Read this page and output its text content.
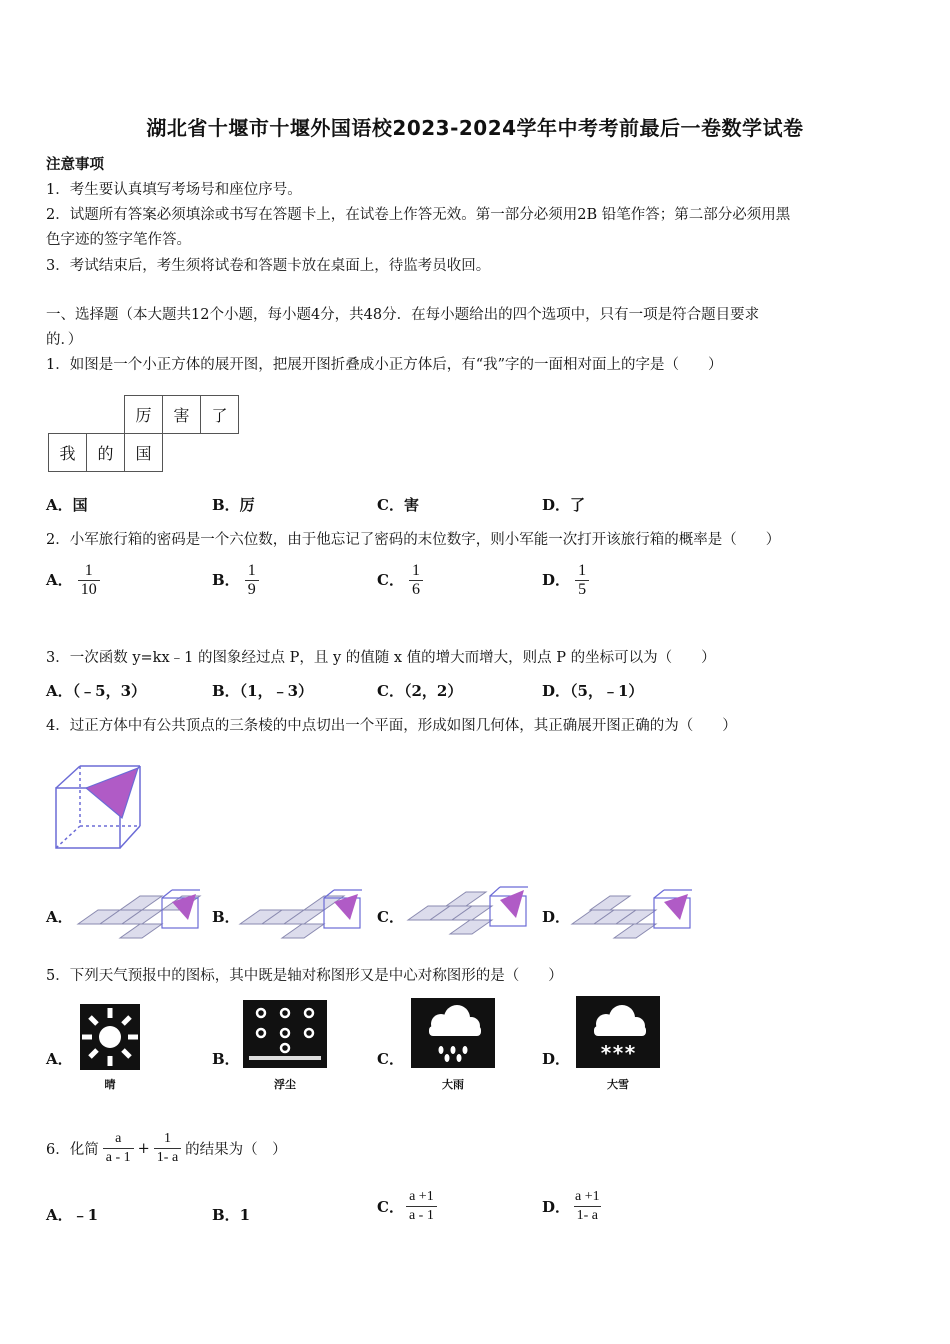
湖北省十堰市十堰外国语校2023-2024学年中考考前最后一卷数学试卷
注意事项
1．考生要认真填写考场号和座位序号。
2．试题所有答案必须填涂或书写在答题卡上，在试卷上作答无效。第一部分必须用2B 铅笔作答；第二部分必须用黑
色字迹的签字笔作答。
3．考试结束后，考生须将试卷和答题卡放在桌面上，待监考员收回。
一、选择题（本大题共12个小题，每小题4分，共48分．在每小题给出的四个选项中，只有一项是符合题目要求
的．）
1．如图是一个小正方体的展开图，把展开图折叠成小正方体后，有“我”字的一面相对面上的字是（　　）
		厉	害	了
我	的	国		
A．国	B．厉	C．害	D．了
2．小军旅行箱的密码是一个六位数，由于他忘记了密码的末位数字，则小军能一次打开该旅行箱的概率是（　　）
A． $\frac{1}{10}$	B． $\frac{1}{9}$	C． $\frac{1}{6}$	D． $\frac{1}{5}$
3．一次函数 y=kx﹣1 的图象经过点 P，且 y 的值随 x 值的增大而增大，则点 P 的坐标可以为（　　）
A．（﹣5，3）	B．（1，﹣3）	C．（2，2）	D．（5，﹣1）
4．过正方体中有公共顶点的三条棱的中点切出一个平面，形成如图几何体，其正确展开图正确的为（　　）
A．	B．	C．	D．
5．下列天气预报中的图标，其中既是轴对称图形又是中心对称图形的是（　　）
A．
晴
B．
浮尘
C．
大雨
D． ***
大雪
6．化简 $\frac{a}{a - 1} + \frac{1}{1- a}$ 的结果为（　）
A．﹣1	B．1	C． $\frac{a +1}{a - 1}$	D． $\frac{a +1}{1- a}$
